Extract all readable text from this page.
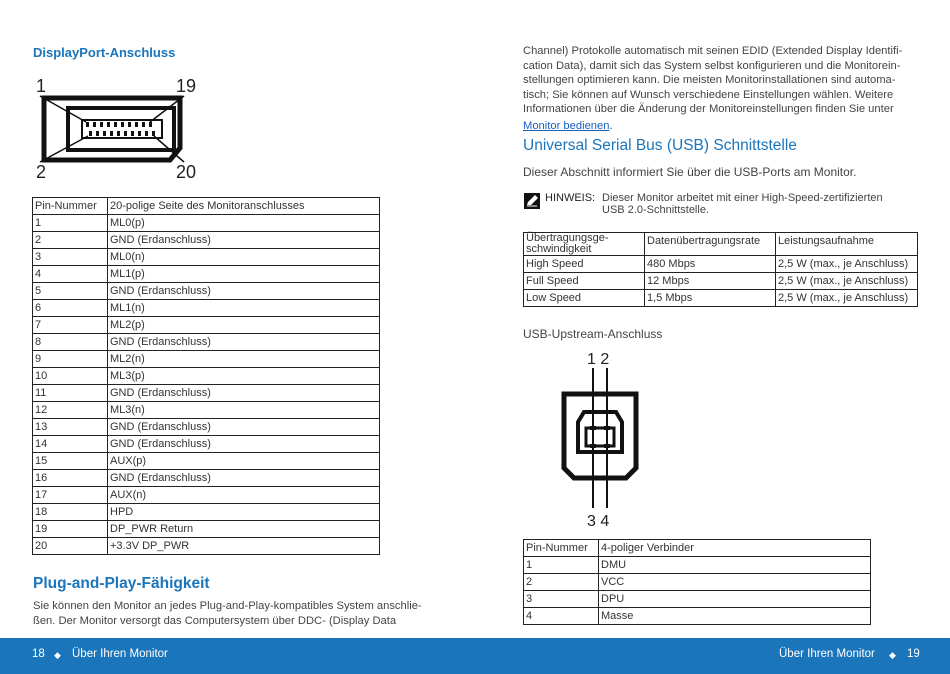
DisplayPort-Anschluss
1	19
2	20
Pin-Nummer	20-polige Seite des Monitoranschlusses
1	ML0(p)
2	GND (Erdanschluss)
3	ML0(n)
4	ML1(p)
5	GND (Erdanschluss)
6	ML1(n)
7	ML2(p)
8	GND (Erdanschluss)
9	ML2(n)
10	ML3(p)
11	GND (Erdanschluss)
12	ML3(n)
13	GND (Erdanschluss)
14	GND (Erdanschluss)
15	AUX(p)
16	GND (Erdanschluss)
17	AUX(n)
18	HPD
19	DP_PWR Return
20	+3.3V DP_PWR
Plug-and-Play-Fähigkeit
Sie können den Monitor an jedes Plug-and-Play-kompatibles System anschlie-
ßen. Der Monitor versorgt das Computersystem über DDC- (Display Data
Channel) Protokolle automatisch mit seinen EDID (Extended Display Identifi-
cation Data), damit sich das System selbst konfigurieren und die Monitorein-
stellungen optimieren kann. Die meisten Monitorinstallationen sind automa-
tisch; Sie können auf Wunsch verschiedene Einstellungen wählen. Weitere
Informationen über die Änderung der Monitoreinstellungen finden Sie unter
Monitor bedienen.
Universal Serial Bus (USB) Schnittstelle
Dieser Abschnitt informiert Sie über die USB-Ports am Monitor.
HINWEIS: Dieser Monitor arbeitet mit einer High-Speed-zertifizierten
USB 2.0-Schnittstelle.
Übertragungsge-
schwindigkeit	Datenübertragungsrate	Leistungsaufnahme
High Speed	480 Mbps	2,5 W (max., je Anschluss)
Full Speed	12 Mbps	2,5 W (max., je Anschluss)
Low Speed	1,5 Mbps	2,5 W (max., je Anschluss)
USB-Upstream-Anschluss
1 2
3 4
Pin-Nummer	4-poliger Verbinder
1	DMU
2	VCC
3	DPU
4	Masse
18 ◆ Über Ihren Monitor	Über Ihren Monitor ◆ 19
